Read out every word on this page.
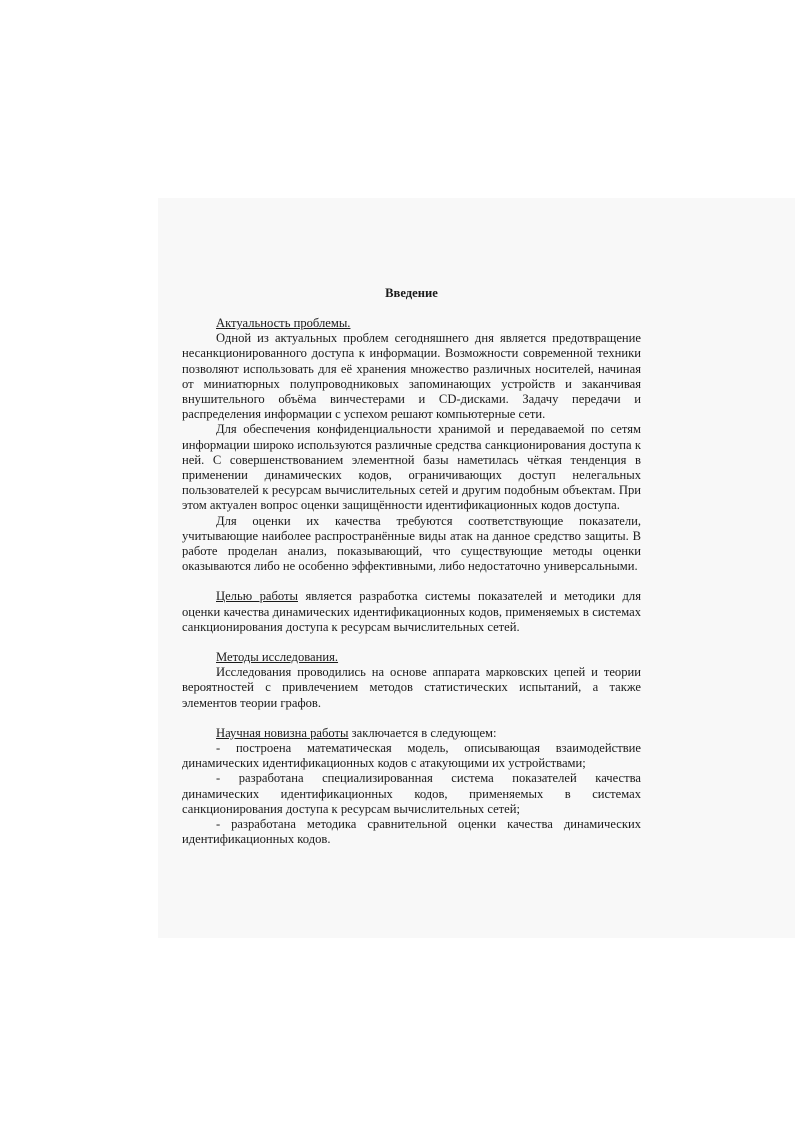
Введение

Актуальность проблемы.

Одной из актуальных проблем сегодняшнего дня является предотвращение несанкционированного доступа к информации. Возможности современной техники позволяют использовать для её хранения множество различных носителей, начиная от миниатюрных полупроводниковых запоминающих устройств и заканчивая внушительного объёма винчестерами и CD-дисками. Задачу передачи и распределения информации с успехом решают компьютерные сети.

Для обеспечения конфиденциальности хранимой и передаваемой по сетям информации широко используются различные средства санкционирования доступа к ней. С совершенствованием элементной базы наметилась чёткая тенденция в применении динамических кодов, ограничивающих доступ нелегальных пользователей к ресурсам вычислительных сетей и другим подобным объектам. При этом актуален вопрос оценки защищённости идентификационных кодов доступа.

Для оценки их качества требуются соответствующие показатели, учитывающие наиболее распространённые виды атак на данное средство защиты. В работе проделан анализ, показывающий, что существующие методы оценки оказываются либо не особенно эффективными, либо недостаточно универсальными.

Целью работы является разработка системы показателей и методики для оценки качества динамических идентификационных кодов, применяемых в системах санкционирования доступа к ресурсам вычислительных сетей.

Методы исследования.

Исследования проводились на основе аппарата марковских цепей и теории вероятностей с привлечением методов статистических испытаний, а также элементов теории графов.

Научная новизна работы заключается в следующем:

- построена математическая модель, описывающая взаимодействие динамических идентификационных кодов с атакующими их устройствами;

- разработана специализированная система показателей качества динамических идентификационных кодов, применяемых в системах санкционирования доступа к ресурсам вычислительных сетей;

- разработана методика сравнительной оценки качества динамических идентификационных кодов.
